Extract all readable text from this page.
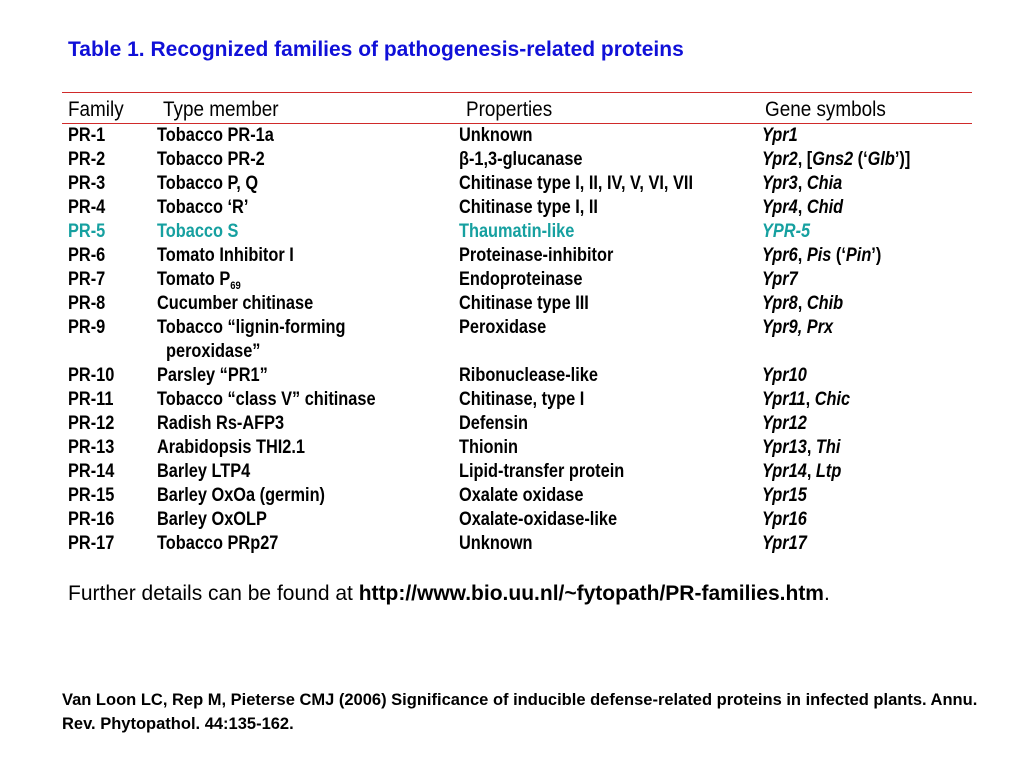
Table 1. Recognized families of pathogenesis-related proteins
Family Type member	Properties	Gene symbols
PR-1	Tobacco PR-1a	Unknown	Ypr1
PR-2	Tobacco PR-2	β-1,3-glucanase	Ypr2, [Gns2 (‘Glb’)]
PR-3	Tobacco P, Q	Chitinase type I, II, IV, V, VI, VII	Ypr3, Chia
PR-4	Tobacco ‘R’	Chitinase type I, II	Ypr4, Chid
PR-5	Tobacco S	Thaumatin-like	YPR-5
PR-6	Tomato Inhibitor I	Proteinase-inhibitor	Ypr6, Pis (‘Pin’)
PR-7	Tomato $P_{69}$	Endoproteinase	Ypr7
PR-8	Cucumber chitinase	Chitinase type III	Ypr8, Chib
PR-9	Tobacco “lignin-forming	Peroxidase	Ypr9, Prx
peroxidase”
PR-10 Parsley “PR1”	Ribonuclease-like	Ypr10
PR-11 Tobacco “class V” chitinase	Chitinase, type I	Ypr11, Chic
PR-12 Radish Rs-AFP3	Defensin	Ypr12
PR-13 Arabidopsis THI2.1	Thionin	Ypr13, Thi
PR-14 Barley LTP4	Lipid-transfer protein	Ypr14, Ltp
PR-15 Barley OxOa (germin)	Oxalate oxidase	Ypr15
PR-16 Barley OxOLP	Oxalate-oxidase-like	Ypr16
PR-17 Tobacco PRp27	Unknown	Ypr17
Further details can be found at http://www.bio.uu.nl/~fytopath/PR-families.htm.
Van Loon LC, Rep M, Pieterse CMJ (2006) Significance of inducible defense-related proteins in infected plants. Annu. Rev. Phytopathol. 44:135-162.
